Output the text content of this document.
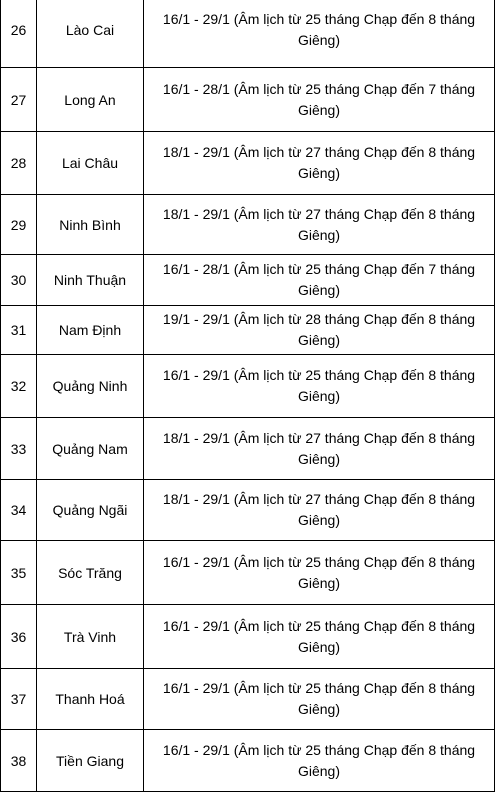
26	Lào Cai	16/1 - 29/1 (Âm lịch từ 25 tháng Chạp đến 8 tháng Giêng)
27	Long An	16/1 - 28/1 (Âm lịch từ 25 tháng Chạp đến 7 tháng Giêng)
28	Lai Châu	18/1 - 29/1 (Âm lịch từ 27 tháng Chạp đến 8 tháng Giêng)
29	Ninh Bình	18/1 - 29/1 (Âm lịch từ 27 tháng Chạp đến 8 tháng Giêng)
30	Ninh Thuận	16/1 - 28/1 (Âm lịch từ 25 tháng Chạp đến 7 tháng Giêng)
31	Nam Định	19/1 - 29/1 (Âm lịch từ 28 tháng Chạp đến 8 tháng Giêng)
32	Quảng Ninh	16/1 - 29/1 (Âm lịch từ 25 tháng Chạp đến 8 tháng Giêng)
33	Quảng Nam	18/1 - 29/1 (Âm lịch từ 27 tháng Chạp đến 8 tháng Giêng)
34	Quảng Ngãi	18/1 - 29/1 (Âm lịch từ 27 tháng Chạp đến 8 tháng Giêng)
35	Sóc Trăng	16/1 - 29/1 (Âm lịch từ 25 tháng Chạp đến 8 tháng Giêng)
36	Trà Vinh	16/1 - 29/1 (Âm lịch từ 25 tháng Chạp đến 8 tháng Giêng)
37	Thanh Hoá	16/1 - 29/1 (Âm lịch từ 25 tháng Chạp đến 8 tháng Giêng)
38	Tiền Giang	16/1 - 29/1 (Âm lịch từ 25 tháng Chạp đến 8 tháng Giêng)
